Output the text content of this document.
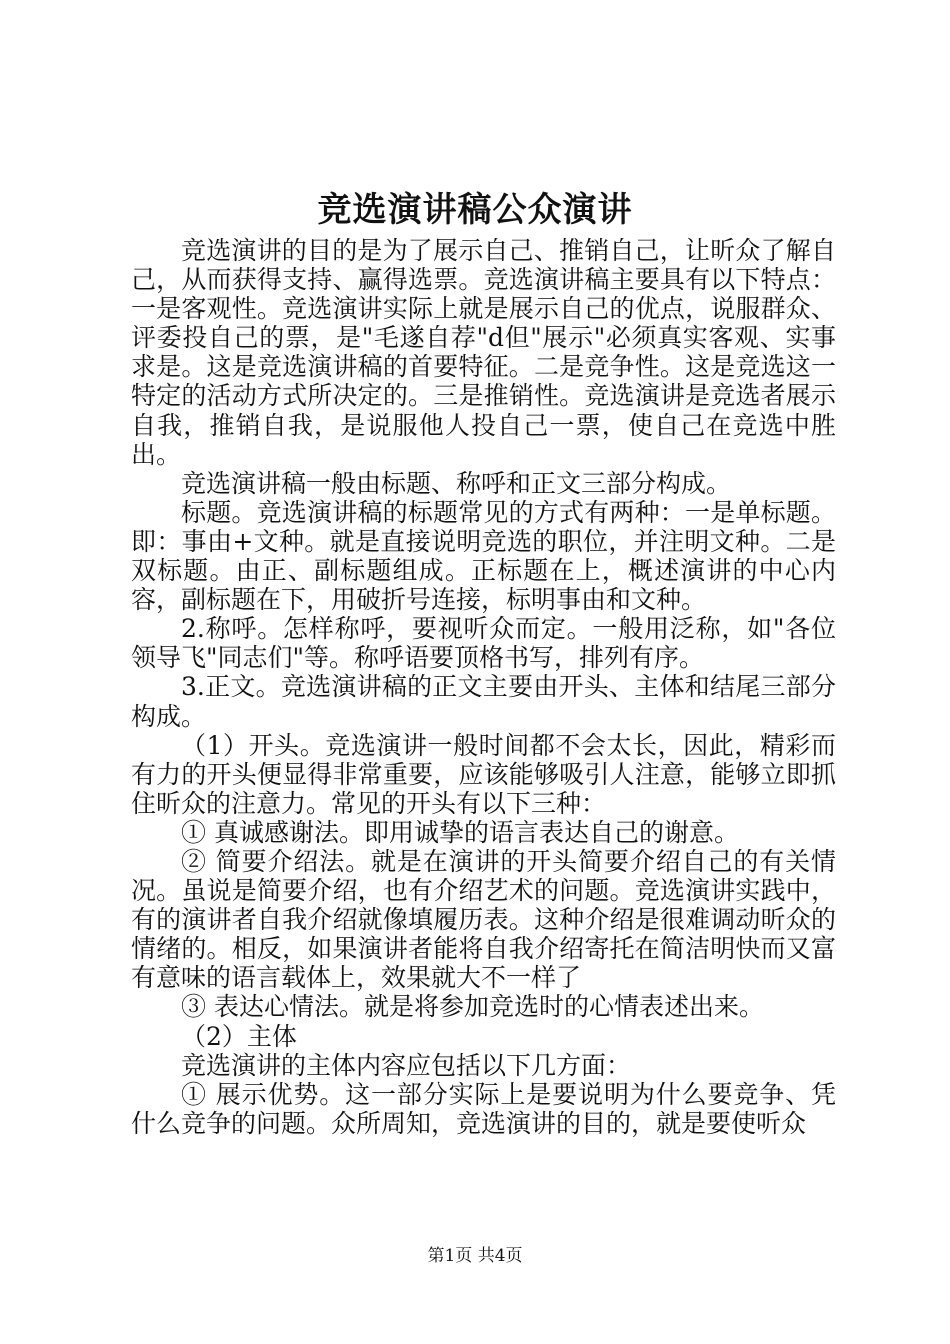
竞选演讲稿公众演讲

竞选演讲的目的是为了展示自己、推销自己，让昕众了解自己，从而获得支持、赢得选票。竞选演讲稿主要具有以下特点：一是客观性。竞选演讲实际上就是展示自己的优点，说服群众、评委投自己的票，是"毛遂自荐"d但"展示"必须真实客观、实事求是。这是竞选演讲稿的首要特征。二是竞争性。这是竞选这一特定的活动方式所决定的。三是推销性。竞选演讲是竞选者展示自我，推销自我，是说服他人投自己一票，使自己在竞选中胜出。

竞选演讲稿一般由标题、称呼和正文三部分构成。

标题。竞选演讲稿的标题常见的方式有两种：一是单标题。即：事由+文种。就是直接说明竞选的职位，并注明文种。二是双标题。由正、副标题组成。正标题在上，概述演讲的中心内容，副标题在下，用破折号连接，标明事由和文种。

2.称呼。怎样称呼，要视听众而定。一般用泛称，如"各位领导飞"同志们"等。称呼语要顶格书写，排列有序。

3.正文。竞选演讲稿的正文主要由开头、主体和结尾三部分构成。

（1）开头。竞选演讲一般时间都不会太长，因此，精彩而有力的开头便显得非常重要，应该能够吸引人注意，能够立即抓住昕众的注意力。常见的开头有以下三种：

① 真诚感谢法。即用诚挚的语言表达自己的谢意。

② 简要介绍法。就是在演讲的开头简要介绍自己的有关情况。虽说是简要介绍，也有介绍艺术的问题。竞选演讲实践中，有的演讲者自我介绍就像填履历表。这种介绍是很难调动昕众的情绪的。相反，如果演讲者能将自我介绍寄托在简洁明快而又富有意味的语言载体上，效果就大不一样了

③ 表达心情法。就是将参加竞选时的心情表述出来。

（2）主体

竞选演讲的主体内容应包括以下几方面：

① 展示优势。这一部分实际上是要说明为什么要竞争、凭什么竞争的问题。众所周知，竞选演讲的目的，就是要使听众

第1页 共4页
